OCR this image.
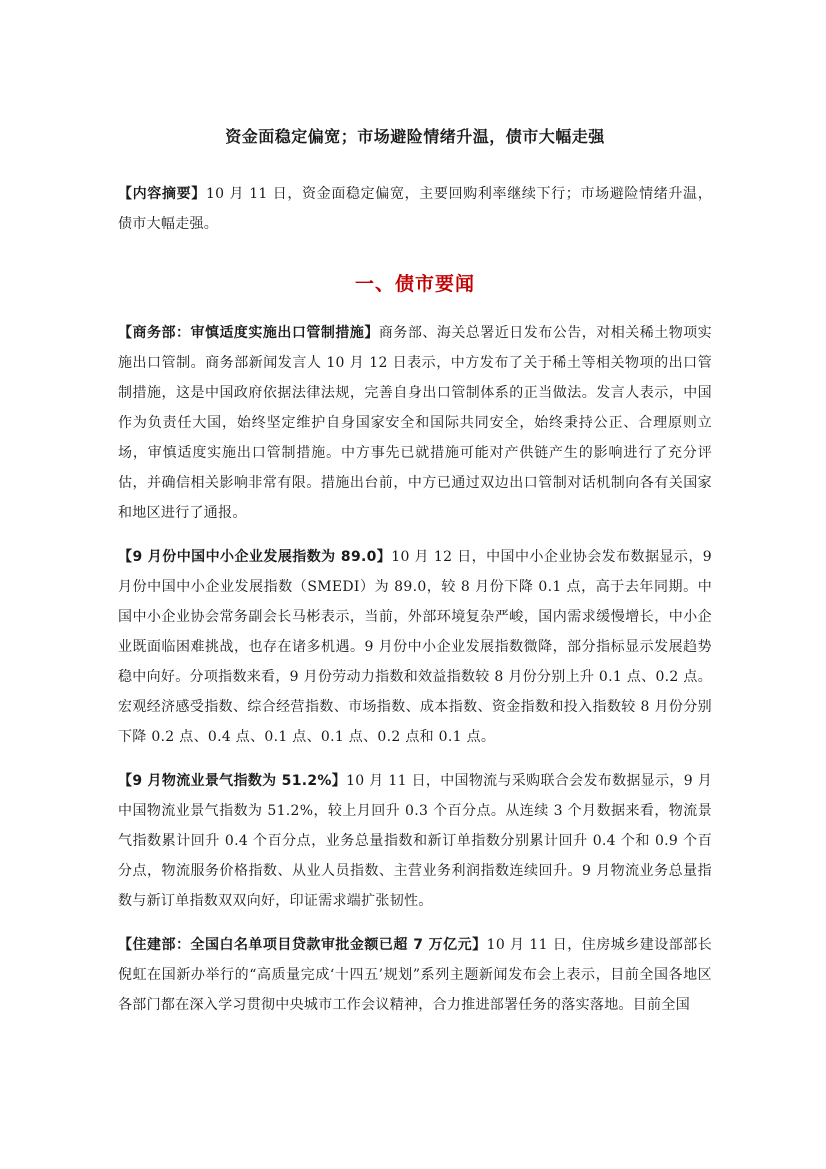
资金面稳定偏宽；市场避险情绪升温，债市大幅走强

【内容摘要】10 月 11 日，资金面稳定偏宽，主要回购利率继续下行；市场避险情绪升温，债市大幅走强。

一、债市要闻

【商务部：审慎适度实施出口管制措施】商务部、海关总署近日发布公告，对相关稀土物项实施出口管制。商务部新闻发言人 10 月 12 日表示，中方发布了关于稀土等相关物项的出口管制措施，这是中国政府依据法律法规，完善自身出口管制体系的正当做法。发言人表示，中国作为负责任大国，始终坚定维护自身国家安全和国际共同安全，始终秉持公正、合理原则立场，审慎适度实施出口管制措施。中方事先已就措施可能对产供链产生的影响进行了充分评估，并确信相关影响非常有限。措施出台前，中方已通过双边出口管制对话机制向各有关国家和地区进行了通报。

【9 月份中国中小企业发展指数为 89.0】10 月 12 日，中国中小企业协会发布数据显示，9 月份中国中小企业发展指数（SMEDI）为 89.0，较 8 月份下降 0.1 点，高于去年同期。中国中小企业协会常务副会长马彬表示，当前，外部环境复杂严峻，国内需求缓慢增长，中小企业既面临困难挑战，也存在诸多机遇。9 月份中小企业发展指数微降，部分指标显示发展趋势稳中向好。分项指数来看，9 月份劳动力指数和效益指数较 8 月份分别上升 0.1 点、0.2 点。宏观经济感受指数、综合经营指数、市场指数、成本指数、资金指数和投入指数较 8 月份分别下降 0.2 点、0.4 点、0.1 点、0.1 点、0.2 点和 0.1 点。

【9 月物流业景气指数为 51.2%】10 月 11 日，中国物流与采购联合会发布数据显示，9 月中国物流业景气指数为 51.2%，较上月回升 0.3 个百分点。从连续 3 个月数据来看，物流景气指数累计回升 0.4 个百分点，业务总量指数和新订单指数分别累计回升 0.4 个和 0.9 个百分点，物流服务价格指数、从业人员指数、主营业务利润指数连续回升。9 月物流业务总量指数与新订单指数双双向好，印证需求端扩张韧性。

【住建部：全国白名单项目贷款审批金额已超 7 万亿元】10 月 11 日，住房城乡建设部部长倪虹在国新办举行的“高质量完成‘十四五’规划”系列主题新闻发布会上表示，目前全国各地区各部门都在深入学习贯彻中央城市工作会议精神，合力推进部署任务的落实落地。目前全国
